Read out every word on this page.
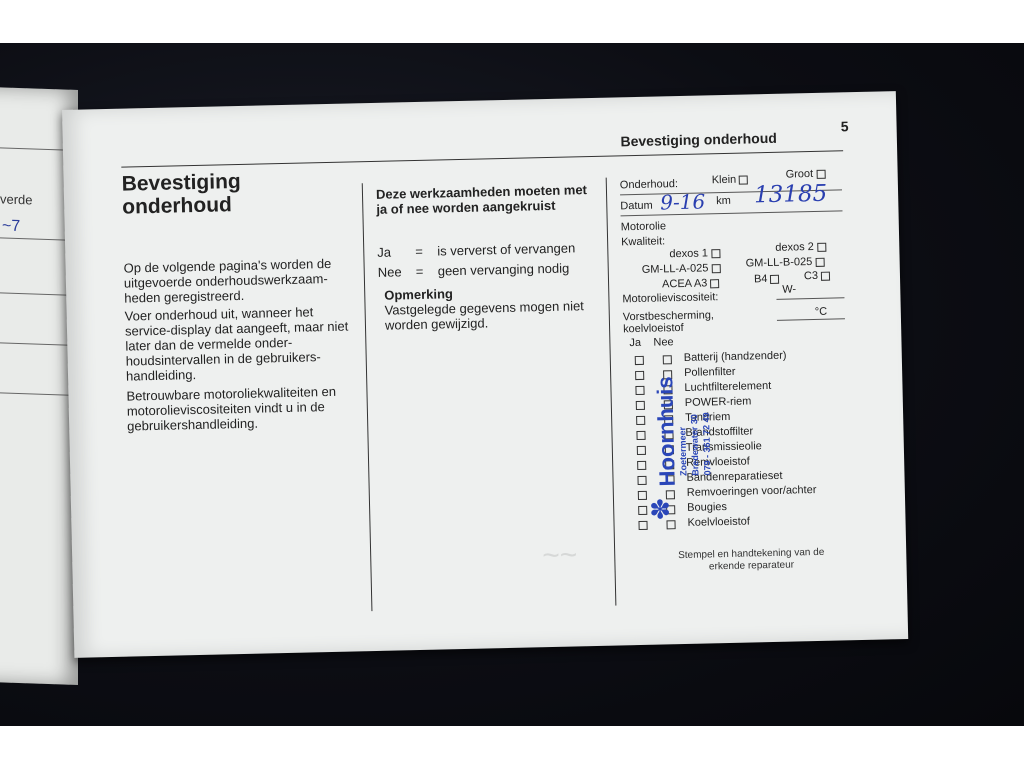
verde
~7
~~
Bevestiging onderhoud
5
Bevestiging
onderhoud
Op de volgende pagina's worden de uitgevoerde onderhoudswerkzaam-heden geregistreerd.
Voer onderhoud uit, wanneer het service-display dat aangeeft, maar niet later dan de vermelde onder-houdsintervallen in de gebruikers-handleiding.
Betrouwbare motoroliekwaliteiten en motorolieviscositeiten vindt u in de gebruikershandleiding.
Deze werkzaamheden moeten met ja of nee worden aangekruist
Ja = is ververst of vervangen
Nee = geen vervanging nodig
Opmerking
Vastgelegde gegevens mogen niet worden gewijzigd.
Onderhoud:	Klein	Groot
Datum	km
9-16 13185
Motorolie
Kwaliteit:
dexos 1	dexos 2
GM-LL-A-025	GM-LL-B-025
ACEA A3	B4	C3
Motorolieviscositeit:
W-
Vorstbescherming,
koelvloeistof
°C
Ja Nee
Batterij (handzender)
Pollenfilter
Luchtfilterelement
POWER-riem
Tandriem
Brandstoffilter
Transmissieolie
Remvloeistof
Bandenreparatieset
Remvoeringen voor/achter
Bougies
Koelvloeistof
Stempel en handtekening van de erkende reparateur
✽
Hoornhuis
Zoetermeer Bredewater 30 079 - 361 72 49
